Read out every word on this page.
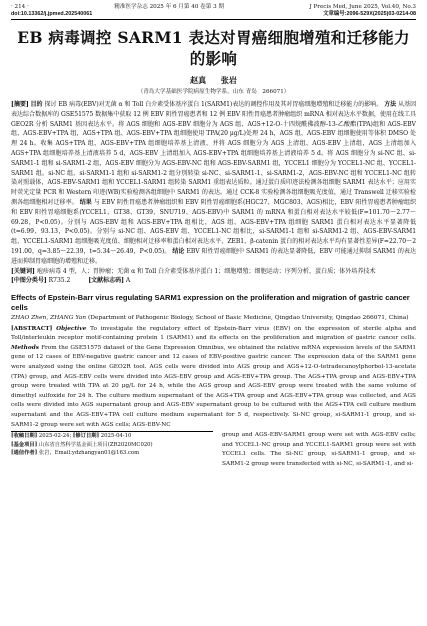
· 214 ·	精准医学杂志 2025 年 6 月第 40 卷第 3 期	J Precis Med, June 2025, Vol.40, No.3
doi:10.13362/j.jpmed.202540061	文章编号:2096-529X(2025)03-0214-08
EB 病毒调控 SARM1 表达对胃癌细胞增殖和迁移能力的影响
赵真 张岩
（青岛大学基础医学院病原生物学系，山东 青岛　266071）
[摘要] 目的 探讨 EB 病毒(EBV)对无菌 α 和 Toll 白介素受体基序蛋白 1(SARM1)表达的调控作用及其对胃癌细胞增殖和迁移能力的影响。 方法 从基因表达综合数据库的 GSE51575 数据集中获取 12 例 EBV 阴性胃癌患者和 12 例 EBV 阳性胃癌患者肿瘤组织 mRNA 相对表达水平数据，使用在线工具 GEO2R 分析 SARM1 基因表达水平。将 AGS 细胞和 AGS-EBV 细胞分为 AGS 组、AGS+12-O-十四烷酰佛波醇-13-乙酸酯(TPA)组和 AGS-EBV 组、AGS-EBV+TPA 组，AGS+TPA 组、AGS-EBV+TPA 组细胞使用 TPA(20 μg/L)处理 24 h，AGS 组、AGS-EBV 组细胞使用等体积 DMSO 处理 24 h。收集 AGS+TPA 组、AGS-EBV+TPA 组细胞培养基上清液，并将 AGS 细胞分为 AGS 上清组、AGS-EBV 上清组，AGS 上清组加入 AGS+TPA 组细胞培养基上清液培养 5 d，AGS-EBV 上清组加入 AGS-EBV+TPA 组细胞培养基上清液培养 5 d。将 AGS 细胞分为 si-NC 组、si-SARM1-1 组和 si-SARM1-2 组，AGS-EBV 细胞分为 AGS-EBV-NC 组和 AGS-EBV-SARM1 组，YCCEL1 细胞分为 YCCEL1-NC 组、YCCEL1-SARM1 组。si-NC 组、si-SARM1-1 组和 si-SARM1-2 组分别转染 si-NC、si-SARM1-1、si-SARM1-2，AGS-EBV-NC 组和 YCCEL1-NC 组转染对照载体，AGS-EBV-SARM1 组和 YCCEL1-SARM1 组转染 SARM1 重组表达质粒。通过蛋白质印迹法检测各组细胞 SARM1 表达水平；应用实时荧光定量 PCR 和 Western 印迹(WB)实验检测各组细胞中 SARM1 的表达。通过 CCK-8 实验检测各组细胞吸光度值，通过 Transwell 迁移实验检测各组细胞相对迁移率。 结果 与 EBV 阴性胃癌患者肿瘤组织和 EBV 阴性胃癌细胞系(HGC27、MGC803、AGS)相比，EBV 阳性胃癌患者肿瘤组织和 EBV 阳性胃癌细胞系(YCCEL1、GT38、GT39、SNU719、AGS-EBV)中 SARM1 的 mRNA 和蛋白相对表达水平较低(F=101.70～2.77～69.28，P<0.05)。分别与 AGS-EBV 组和 AGS-EBV+TPA 组相比，AGS 组、AGS-EBV+TPA 组细胞 SARM1 蛋白相对表达水平显著降低(t=6.99、93.13，P<0.05)。分别与 si-NC 组、AGS-EBV 组、YCCEL1-NC 组相比，si-SARM1-1 组和 si-SARM1-2 组、AGS-EBV-SARM1 组、YCCEL1-SARM1 组细胞吸光度值、细胞相对迁移率和蛋白相对表达水平、ZEB1、β-catenin 蛋白的相对表达水平均有显著性差异(F=22.70～2 191.00，q=3.85～22.39，t=5.34～26.49，P<0.05)。 结论 EBV 阳性胃癌细胞中 SARM1 的表达显著降低，EBV 可能通过抑制 SARM1 的表达进而抑制胃癌细胞的增殖和迁移。
[关键词] 疱疹病毒 4 型，人；胃肿瘤；无菌 α 和 Toll 白介素受体基序蛋白 1；细胞增殖；细胞运动；序列分析，蛋白质；体外培养技术
[中图分类号] R735.2	[文献标志码] A
Effects of Epstein-Barr virus regulating SARM1 expression on the proliferation and migration of gastric cancer cells
ZHAO Zhen, ZHANG Yan (Department of Pathogenic Biology, School of Basic Medicine, Qingdao University, Qingdao 266071, China)
[ABSTRACT] Objective To investigate the regulatory effect of Epstein-Barr virus (EBV) on the expression of sterile alpha and Toll/interleukin receptor motif-containing protein 1 (SARM1) and its effects on the proliferation and migration of gastric cancer cells. Methods From the GSE51575 dataset of the Gene Expression Omnibus, we obtained the relative mRNA expression levels of the SARM1 gene of 12 cases of EBV-negative gastric cancer and 12 cases of EBV-positive gastric cancer. The expression data of the SARM1 gene were analyzed using the online GEO2R tool. AGS cells were divided into AGS group and AGS+12-O-tetradecanoylphorbol-13-acetate (TPA) group, and AGS-EBV cells were divided into AGS-EBV group and AGS-EBV+TPA group. The AGS+TPA group and AGS-EBV+TPA group were treated with TPA at 20 μg/L for 24 h, while the AGS group and AGS-EBV group were treated with the same volume of dimethyl sulfoxide for 24 h. The culture medium supernatant of the AGS+TPA group and AGS-EBV+TPA group was collected, and AGS cells were divided into AGS supernatant group and AGS-EBV supernatant group to be cultured with the AGS+TPA cell culture medium supernatant and the AGS-EBV+TPA cell culture medium supernatant for 5 d, respectively. Si-NC group, si-SARM1-1 group, and si-SARM1-2 group were set with AGS cells; AGS-EBV-NC
[收稿日期] 2025-02-24; [修订日期] 2025-04-10
[基金项目] 山东省自然科学基金面上项目(ZR2020MC020)
[通信作者] 张岩，Email:ydzhangyan01@163.com
group and AGS-EBV-SARM1 group were set with AGS-EBV cells; and YCCEL1-NC group and YCCEL1-SARM1 group were set with YCCEL1 cells. The Si-NC group, si-SARM1-1 group, and si-SARM1-2 group were transfected with si-NC, si-SARM1-1, and si-
